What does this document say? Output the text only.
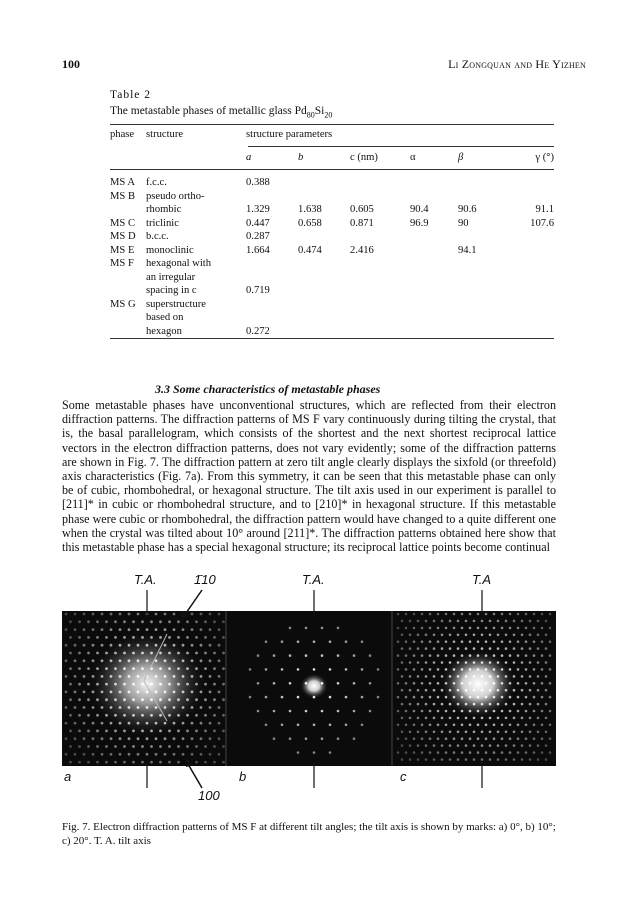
100	Li Zongquan and He Yizhen
Table 2
The metastable phases of metallic glass $Pd_{80}Si_{20}$
phase	structure	structure parameters
		a	b	c (nm)	α	β	γ (°)
MS A	f.c.c.	0.388					
MS B	pseudo ortho-						
	rhombic	1.329	1.638	0.605	90.4	90.6	91.1
MS C	triclinic	0.447	0.658	0.871	96.9	90	107.6
MS D	b.c.c.	0.287					
MS E	monoclinic	1.664	0.474	2.416		94.1	
MS F	hexagonal with						
	an irregular						
	spacing in c	0.719					
MS G	superstructure						
	based on						
	hexagon	0.272					
3.3 Some characteristics of metastable phases

Some metastable phases have unconventional structures, which are reflected from their electron diffraction patterns. The diffraction patterns of MS F vary continuously during tilting the crystal, that is, the basal parallelogram, which consists of the shortest and the next shortest reciprocal lattice vectors in the electron diffraction patterns, does not vary evidently; some of the diffraction patterns are shown in Fig. 7. The diffraction pattern at zero tilt angle clearly displays the sixfold (or threefold) axis characteristics (Fig. 7a). From this symmetry, it can be seen that this metastable phase can only be of cubic, rhombohedral, or hexagonal structure. The tilt axis used in our experiment is parallel to [211]* in cubic or rhombohedral structure, and to [210]* in hexagonal structure. If this metastable phase were cubic or rhombohedral, the diffraction pattern would have changed to a quite different one when the crystal was tilted about 10° around [211]*. The diffraction patterns obtained here show that this metastable phase has a special hexagonal structure; its reciprocal lattice points become continual

T.A.	1̄10	T.A.	T.A
a
100
b	c
Fig. 7. Electron diffraction patterns of MS F at different tilt angles; the tilt axis is shown by marks: a) 0°, b) 10°; c) 20°. T. A. tilt axis
